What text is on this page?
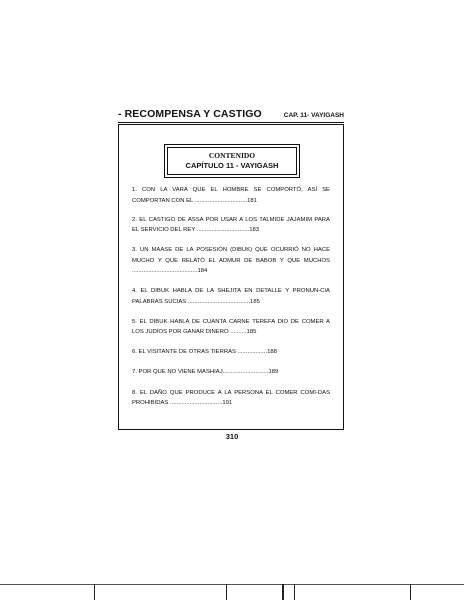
- RECOMPENSA Y CASTIGO	CAP. 11- VAYIGASH
CONTENIDO
CAPÍTULO 11 - VAYIGASH
1. CON LA VARA QUE EL HOMBRE SE COMPORTÓ, ASÍ SE COMPORTAN CON EL ................................181
2. EL CASTIGO DE ASSA POR USAR A LOS TALMIDE JAJAMIM PARA EL SERVICIO DEL REY ................................183
3. UN MAASE DE LA POSESIÓN (DIBUK) QUE OCURRIÓ NO HACE MUCHO Y QUE RELATÓ EL ADMUR DE BABOB Y QUE MUCHOS ........................................184
4. EL DIBUK HABLA DE LA SHEJITA EN DETALLE Y PRONUN-CIA PALABRAS SUCIAS ......................................185
5. EL DIBUK HABLA DE CUANTA CARNE TEREFA DIO DE COMER A LOS JUDÍOS POR GANAR DINERO ..........185
6. EL VISITANTE DE OTRAS TIERRAS ..................188
7. POR QUE NO VIENE MASHIAJ............................189
8. EL DAÑO QUE PRODUCE A LA PERSONA EL COMER COMI-DAS PROHIBIDAS ................................191
310
